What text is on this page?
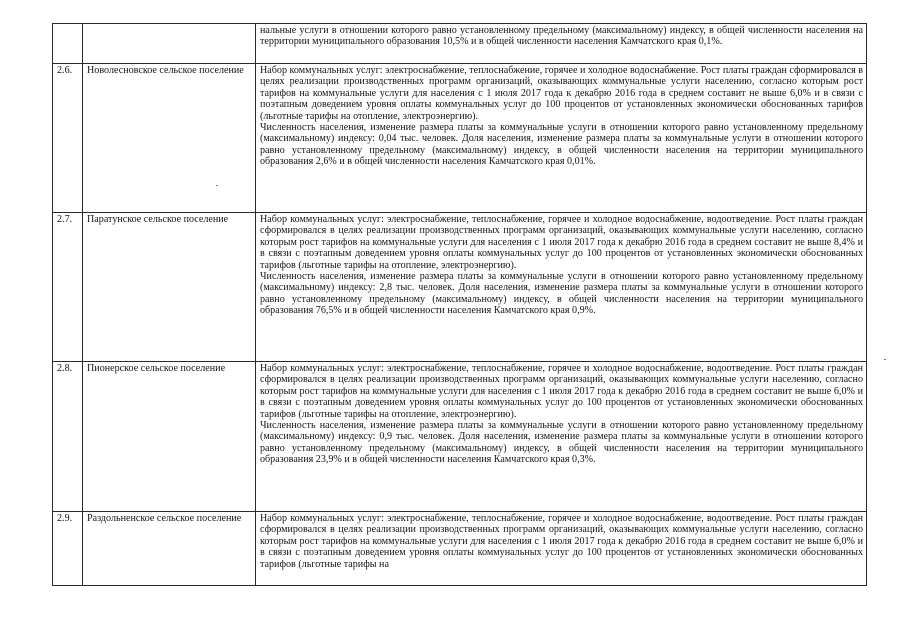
		нальные услуги в отношении которого равно установленному предельному (максимальному) индексу, в общей численности населения на территории муниципального образования 10,5% и в общей численности населения Камчатского края 0,1%.

2.6.	Новолесновское сельское поселение	Набор коммунальных услуг: электроснабжение, теплоснабжение, горячее и холодное водоснабжение. Рост платы граждан сформировался в целях реализации производственных программ организаций, оказывающих коммунальные услуги населению, согласно которым рост тарифов на коммунальные услуги для населения с 1 июля 2017 года к декабрю 2016 года в среднем составит не выше 6,0% и в связи с поэтапным доведением уровня оплаты коммунальных услуг до 100 процентов от установленных экономически обоснованных тарифов (льготные тарифы на отопление, электроэнергию).

Численность населения, изменение размера платы за коммунальные услуги в отношении которого равно установленному предельному (максимальному) индексу: 0,04 тыс. человек. Доля населения, изменение размера платы за коммунальные услуги в отношении которого равно установленному предельному (максимальному) индексу, в общей численности населения на территории муниципального образования 2,6% и в общей численности населения Камчатского края 0,01%.

2.7.	Паратунское сельское поселение	Набор коммунальных услуг: электроснабжение, теплоснабжение, горячее и холодное водоснабжение, водоотведение. Рост платы граждан сформировался в целях реализации производственных программ организаций, оказывающих коммунальные услуги населению, согласно которым рост тарифов на коммунальные услуги для населения с 1 июля 2017 года к декабрю 2016 года в среднем составит не выше 8,4% и в связи с поэтапным доведением уровня оплаты коммунальных услуг до 100 процентов от установленных экономически обоснованных тарифов (льготные тарифы на отопление, электроэнергию).

Численность населения, изменение размера платы за коммунальные услуги в отношении которого равно установленному предельному (максимальному) индексу: 2,8 тыс. человек. Доля населения, изменение размера платы за коммунальные услуги в отношении которого равно установленному предельному (максимальному) индексу, в общей численности населения на территории муниципального образования 76,5% и в общей численности населения Камчатского края 0,9%.

2.8.	Пионерское сельское поселение	Набор коммунальных услуг: электроснабжение, теплоснабжение, горячее и холодное водоснабжение, водоотведение. Рост платы граждан сформировался в целях реализации производственных программ организаций, оказывающих коммунальные услуги населению, согласно которым рост тарифов на коммунальные услуги для населения с 1 июля 2017 года к декабрю 2016 года в среднем составит не выше 6,0% и в связи с поэтапным доведением уровня оплаты коммунальных услуг до 100 процентов от установленных экономически обоснованных тарифов (льготные тарифы на отопление, электроэнергию).

Численность населения, изменение размера платы за коммунальные услуги в отношении которого равно установленному предельному (максимальному) индексу: 0,9 тыс. человек. Доля населения, изменение размера платы за коммунальные услуги в отношении которого равно установленному предельному (максимальному) индексу, в общей численности населения на территории муниципального образования 23,9% и в общей численности населения Камчатского края 0,3%.

2.9.	Раздольненское сельское поселение	Набор коммунальных услуг: электроснабжение, теплоснабжение, горячее и холодное водоснабжение, водоотведение. Рост платы граждан сформировался в целях реализации производственных программ организаций, оказывающих коммунальные услуги населению, согласно которым рост тарифов на коммунальные услуги для населения с 1 июля 2017 года к декабрю 2016 года в среднем составит не выше 6,0% и в связи с поэтапным доведением уровня оплаты коммунальных услуг до 100 процентов от установленных экономически обоснованных тарифов (льготные тарифы на
